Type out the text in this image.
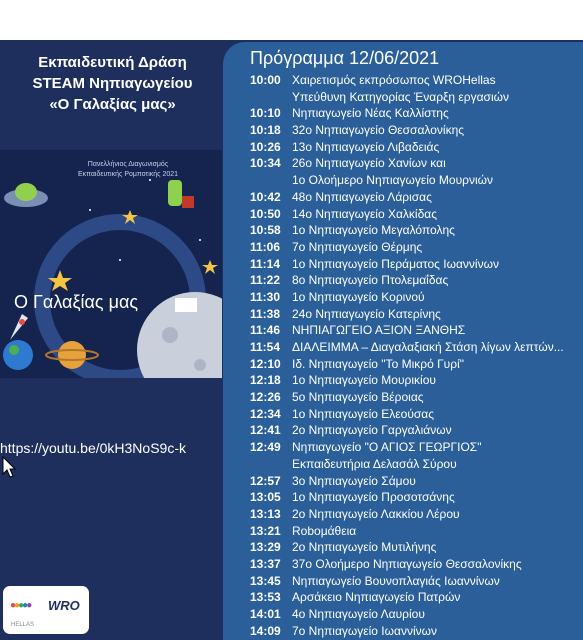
Εκπαιδευτική Δράση
STEAM Νηπιαγωγείου
«Ο Γαλαξίας μας»
Πανελλήνιος Διαγωνισμός
Εκπαιδευτικής Ρομποτικής 2021
Ο Γαλαξίας μας
https://youtu.be/0kH3NoS9c-k
●●●●● WRO
HELLAS
Πρόγραμμα 12/06/2021
10:00 Χαιρετισμός εκπρόσωπος WROHellas
Υπεύθυνη Κατηγορίας Έναρξη εργασιών
10:10 Νηπιαγωγείο Νέας Καλλίστης
10:18 32ο Νηπιαγωγείο Θεσσαλονίκης
10:26 13ο Νηπιαγωγείο Λιβαδειάς
10:34 26ο Νηπιαγωγείο Χανίων και
1ο Ολοήμερο Νηπιαγωγείο Μουρνιών
10:42 48ο Νηπιαγωγείο Λάρισας
10:50 14ο Νηπιαγωγείο Χαλκίδας
10:58 1ο Νηπιαγωγείο Μεγαλόπολης
11:06 7ο Νηπιαγωγείο Θέρμης
11:14 1ο Νηπιαγωγείο Περάματος Ιωαννίνων
11:22 8ο Νηπιαγωγείο Πτολεμαΐδας
11:30 1ο Νηπιαγωγείο Κορινού
11:38 24ο Νηπιαγωγείο Κατερίνης
11:46 ΝΗΠΙΑΓΩΓΕΙΟ ΑΞΙΟΝ ΞΑΝΘΗΣ
11:54 ΔΙΑΛΕΙΜΜΑ – Διαγαλαξιακή Στάση λίγων λεπτών...
12:10 Ιδ. Νηπιαγωγείο "Το Μικρό Γυρί"
12:18 1ο Νηπιαγωγείο Μουρικίου
12:26 5ο Νηπιαγωγείο Βέροιας
12:34 1ο Νηπιαγωγείο Ελεούσας
12:41 2ο Νηπιαγωγείο Γαργαλιάνων
12:49 Νηπιαγωγείο "Ο ΑΓΙΟΣ ΓΕΩΡΓΙΟΣ"
Εκπαιδευτήρια Δελασάλ Σύρου
12:57 3ο Νηπιαγωγείο Σάμου
13:05 1ο Νηπιαγωγείο Προσοτσάνης
13:13 2ο Νηπιαγωγείο Λακκίου Λέρου
13:21 Roboμάθεια
13:29 2ο Νηπιαγωγείο Μυτιλήνης
13:37 37ο Ολοήμερο Νηπιαγωγείο Θεσσαλονίκης
13:45 Νηπιαγωγείο Βουνοπλαγιάς Ιωαννίνων
13:53 Αρσάκειο Νηπιαγωγείο Πατρών
14:01 4ο Νηπιαγωγείο Λαυρίου
14:09 7ο Νηπιαγωγείο Ιωαννίνων
